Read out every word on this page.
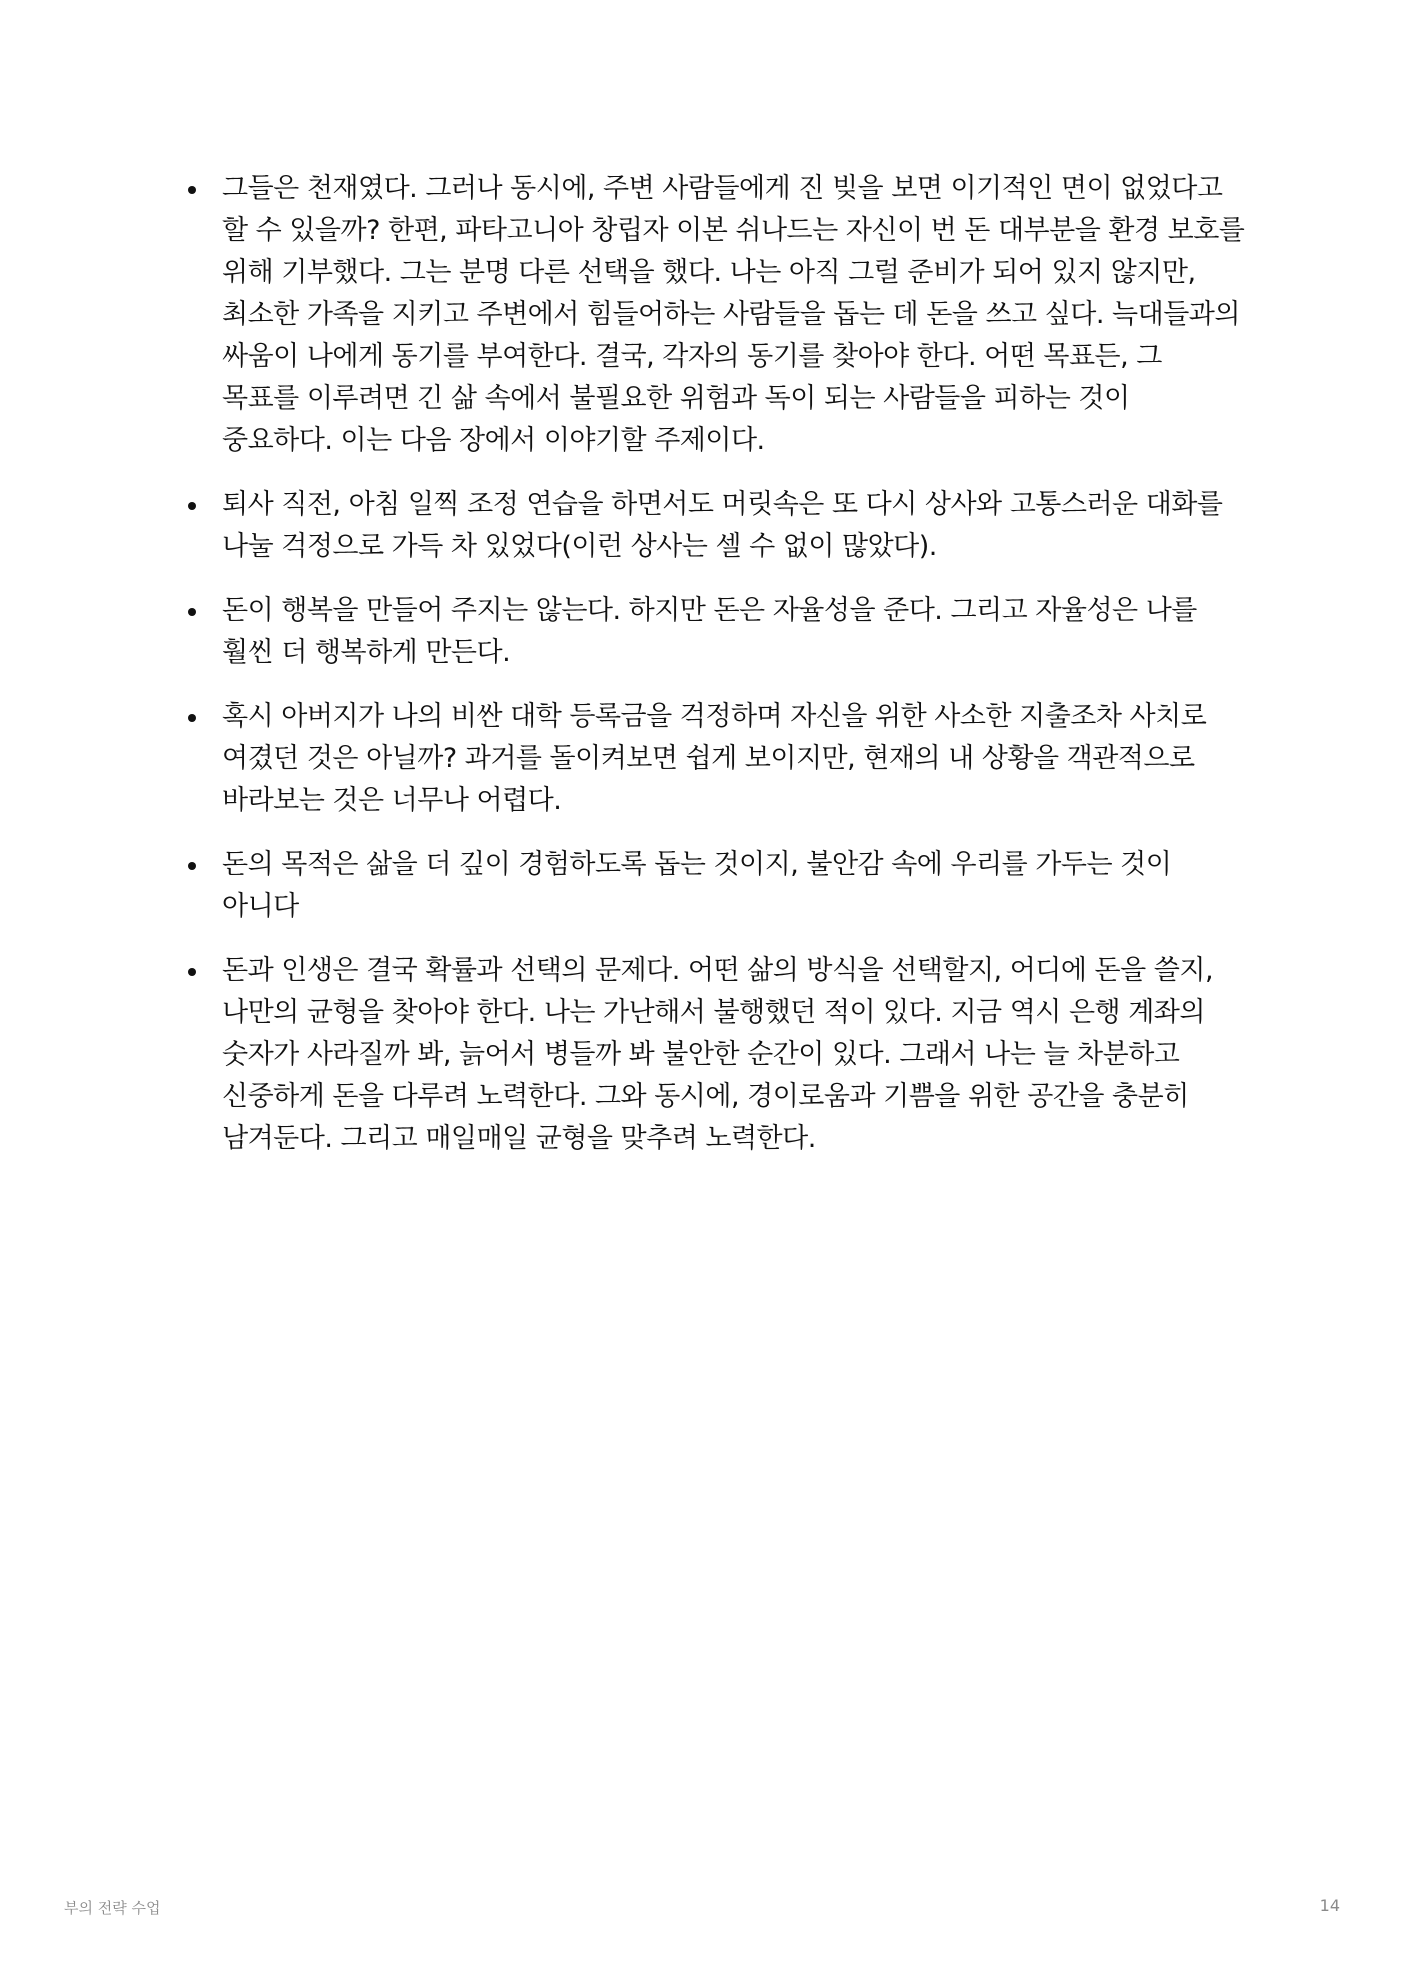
그들은 천재였다. 그러나 동시에, 주변 사람들에게 진 빚을 보면 이기적인 면이 없었다고 할 수 있을까? 한편, 파타고니아 창립자 이본 쉬나드는 자신이 번 돈 대부분을 환경 보호를 위해 기부했다. 그는 분명 다른 선택을 했다. 나는 아직 그럴 준비가 되어 있지 않지만, 최소한 가족을 지키고 주변에서 힘들어하는 사람들을 돕는 데 돈을 쓰고 싶다. 늑대들과의 싸움이 나에게 동기를 부여한다. 결국, 각자의 동기를 찾아야 한다. 어떤 목표든, 그 목표를 이루려면 긴 삶 속에서 불필요한 위험과 독이 되는 사람들을 피하는 것이 중요하다. 이는 다음 장에서 이야기할 주제이다.
퇴사 직전, 아침 일찍 조정 연습을 하면서도 머릿속은 또 다시 상사와 고통스러운 대화를 나눌 걱정으로 가득 차 있었다(이런 상사는 셀 수 없이 많았다).
돈이 행복을 만들어 주지는 않는다. 하지만 돈은 자율성을 준다. 그리고 자율성은 나를 훨씬 더 행복하게 만든다.
혹시 아버지가 나의 비싼 대학 등록금을 걱정하며 자신을 위한 사소한 지출조차 사치로 여겼던 것은 아닐까? 과거를 돌이켜보면 쉽게 보이지만, 현재의 내 상황을 객관적으로 바라보는 것은 너무나 어렵다.
돈의 목적은 삶을 더 깊이 경험하도록 돕는 것이지, 불안감 속에 우리를 가두는 것이 아니다
돈과 인생은 결국 확률과 선택의 문제다. 어떤 삶의 방식을 선택할지, 어디에 돈을 쓸지, 나만의 균형을 찾아야 한다. 나는 가난해서 불행했던 적이 있다. 지금 역시 은행 계좌의 숫자가 사라질까 봐, 늙어서 병들까 봐 불안한 순간이 있다. 그래서 나는 늘 차분하고 신중하게 돈을 다루려 노력한다. 그와 동시에, 경이로움과 기쁨을 위한 공간을 충분히 남겨둔다. 그리고 매일매일 균형을 맞추려 노력한다.
부의 전략 수업	14
